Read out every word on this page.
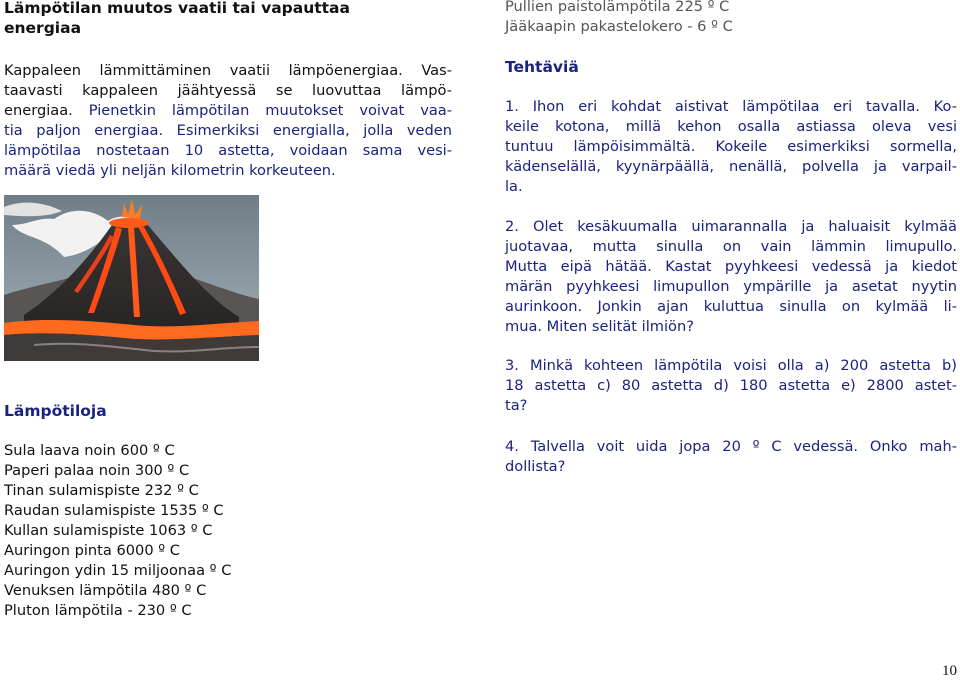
Lämpötilan muutos vaatii tai vapauttaa
energiaa
Kappaleen lämmittäminen vaatii lämpöenergiaa. Vas-
taavasti kappaleen jäähtyessä se luovuttaa lämpö-
energiaa. Pienetkin lämpötilan muutokset voivat vaa-
tia paljon energiaa. Esimerkiksi energialla, jolla veden
lämpötilaa nostetaan 10 astetta, voidaan sama vesi-
määrä viedä yli neljän kilometrin korkeuteen.
Lämpötiloja
Sula laava noin 600 º C
Paperi palaa noin 300 º C
Tinan sulamispiste 232 º C
Raudan sulamispiste 1535 º C
Kullan sulamispiste 1063 º C
Auringon pinta 6000 º C
Auringon ydin 15 miljoonaa º C
Venuksen lämpötila 480 º C
Pluton lämpötila - 230 º C
Pullien paistolämpötila 225 º C
Jääkaapin pakastelokero - 6 º C
Tehtäviä
1. Ihon eri kohdat aistivat lämpötilaa eri tavalla. Ko-
keile kotona, millä kehon osalla astiassa oleva vesi
tuntuu lämpöisimmältä. Kokeile esimerkiksi sormella,
kädenselällä, kyynärpäällä, nenällä, polvella ja varpail-
la.
2. Olet kesäkuumalla uimarannalla ja haluaisit kylmää
juotavaa, mutta sinulla on vain lämmin limupullo.
Mutta eipä hätää. Kastat pyyhkeesi vedessä ja kiedot
märän pyyhkeesi limupullon ympärille ja asetat nyytin
aurinkoon. Jonkin ajan kuluttua sinulla on kylmää li-
mua. Miten selität ilmiön?
3. Minkä kohteen lämpötila voisi olla a) 200 astetta b)
18 astetta c) 80 astetta d) 180 astetta e) 2800 astet-
ta?
4. Talvella voit uida jopa 20 º C vedessä. Onko mah-
dollista?
10
